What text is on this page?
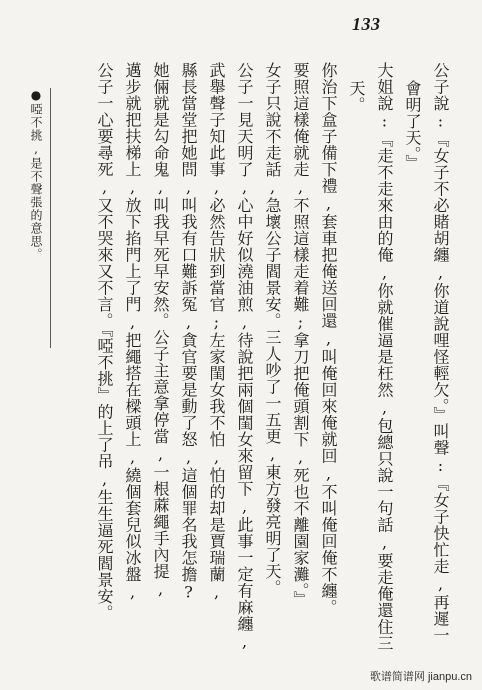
133
公子說:『女子不必賭胡纏,你道說哩怪輕欠。』叫聲:『女子快忙走,再遲一
會明了天。』
大姐說:『走不走來由的俺,你就催逼是枉然,包總只說一句話,要走俺還住三
天。
你治下盒子備下禮,套車把俺送回還,叫俺回來俺就回,不叫俺回俺不纏。
要照這樣俺就走,不照這樣走着難;拿刀把俺頭割下,死也不離園家灘。』
女子只說不走話,急壞公子閻景安。三人吵了一五更,東方發亮明了天。
公子一見天明了,心中好似澆油煎,待說把兩個閨女來留下,此事一定有麻纏,
武舉聲子知此事,必然告狀到當官;左家閨女我不怕,怕的却是賈瑞蘭,
縣長當堂把她問,叫我有口難訴冤,貪官要是動了怒,這個罪名我怎擔?
她倆就是勾命鬼,叫我早死早安然。公子主意拿停當,一根蔴繩手內提,
邁步就把扶梯上,放下掐門上了門,把繩搭在樑頭上,繞個套兒似冰盤,
公子一心要尋死,又不哭來又不言。『啞不挑』的上了吊,生生逼死閻景安。
●啞不挑,是不聲張的意思。
歌谱简谱网 jianpu.cn
